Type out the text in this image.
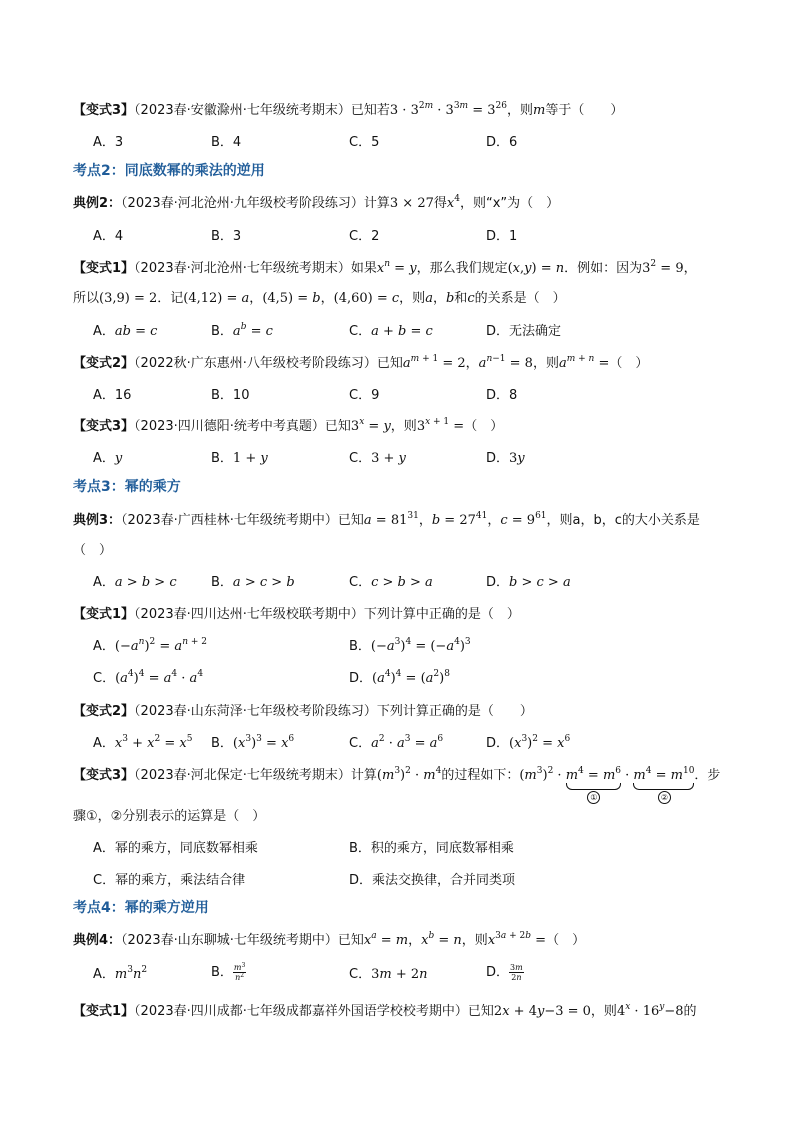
【变式3】（2023春·安徽滁州·七年级统考期末）已知若$3 \cdot 3^{2m} \cdot 3^{3m} = 3^{26}$，则m等于（　　）
A．3	B．4	C．5	D．6
考点2：同底数幂的乘法的逆用
典例2：（2023春·河北沧州·九年级校考阶段练习）计算3 × 27得$x^4$，则“x”为（　）
A．4	B．3	C．2	D．1
【变式1】（2023春·河北沧州·七年级统考期末）如果$x^n = y$，那么我们规定(x,y) = n．例如：因为$3^2 = 9$，
所以(3,9) = 2．记(4,12) = a，(4,5) = b，(4,60) = c，则a，b和c的关系是（　）
A．ab = c	B．$a^b = c$	C．a + b = c	D．无法确定
【变式2】（2022秋·广东惠州·八年级校考阶段练习）已知$a^{m + 1} = 2$，$a^{n-1} = 8$，则$a^{m + n}$ =（　）
A．16	B．10	C．9	D．8
【变式3】（2023·四川德阳·统考中考真题）已知$3^x = y$，则$3^{x + 1}$ =（　）
A．y	B．1 + y	C．3 + y	D．3y
考点3：幂的乘方
典例3：（2023春·广西桂林·七年级统考期中）已知$a = 81^{31}$，$b = 27^{41}$，$c = 9^{61}$，则a，b，c的大小关系是
（　）
A．a > b > c	B．a > c > b	C．c > b > a	D．b > c > a
【变式1】（2023春·四川达州·七年级校联考期中）下列计算中正确的是（　）
A．$(-a^n)^2 = a^{n + 2}$	B．$(-a^3)^4 = (-a^4)^3$
C．$(a^4)^4 = a^4 \cdot a^4$	D．$(a^4)^4 = (a^2)^8$
【变式2】（2023春·山东菏泽·七年级校考阶段练习）下列计算正确的是（　　）
A．$x^3 + x^2 = x^5$ B．$(x^3)^3 = x^6$	C．$a^2 \cdot a^3 = a^6$	D．$(x^3)^2 = x^6$
【变式3】（2023春·河北保定·七年级统考期末）计算$(m^3)^2 \cdot m^4$的过程如下：$(m^3)^2 \cdot m^4 = m^6$
①
· $m^4 = m^{10}$
②
．步
骤①，②分别表示的运算是（　）
A．幂的乘方，同底数幂相乘	B．积的乘方，同底数幂相乘
C．幂的乘方，乘法结合律	D．乘法交换律，合并同类项
考点4：幂的乘方逆用
典例4：（2023春·山东聊城·七年级统考期中）已知$x^a = m$，$x^b = n$，则$x^{3a + 2b}$ =（　）
A．$m^3n^2$	B． $\frac{m^3}{n^2}$	C．3m + 2n	D． $\frac{3m}{2n}$
【变式1】（2023春·四川成都·七年级成都嘉祥外国语学校校考期中）已知2x + 4y−3 = 0，则$4^x \cdot 16^y-8$的
